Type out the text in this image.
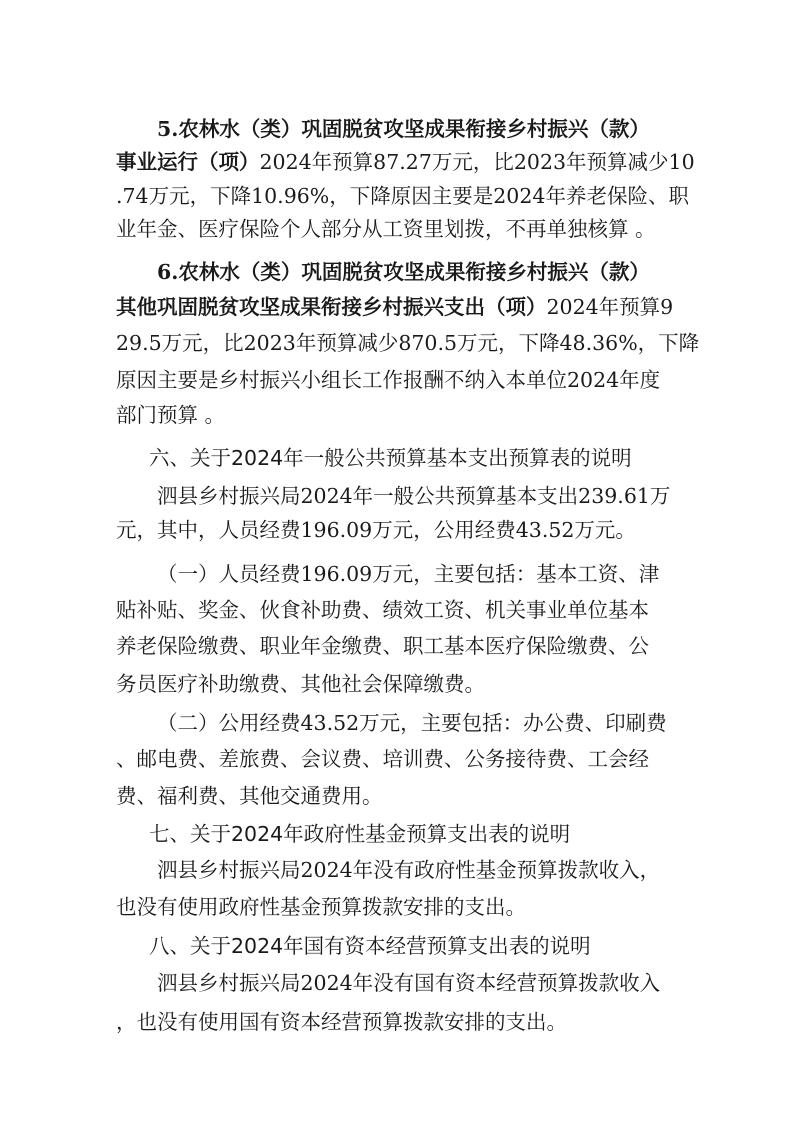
5.农林水（类）巩固脱贫攻坚成果衔接乡村振兴（款）

事业运行（项）2024年预算87.27万元，比2023年预算减少10

.74万元，下降10.96%，下降原因主要是2024年养老保险、职

业年金、医疗保险个人部分从工资里划拨，不再单独核算 。

6.农林水（类）巩固脱贫攻坚成果衔接乡村振兴（款）

其他巩固脱贫攻坚成果衔接乡村振兴支出（项）2024年预算9

29.5万元，比2023年预算减少870.5万元，下降48.36%，下降

原因主要是乡村振兴小组长工作报酬不纳入本单位2024年度

部门预算 。

六、关于2024年一般公共预算基本支出预算表的说明

泗县乡村振兴局2024年一般公共预算基本支出239.61万

元，其中，人员经费196.09万元，公用经费43.52万元。

（一）人员经费196.09万元，主要包括：基本工资、津

贴补贴、奖金、伙食补助费、绩效工资、机关事业单位基本

养老保险缴费、职业年金缴费、职工基本医疗保险缴费、公

务员医疗补助缴费、其他社会保障缴费。

（二）公用经费43.52万元，主要包括：办公费、印刷费

、邮电费、差旅费、会议费、培训费、公务接待费、工会经

费、福利费、其他交通费用。

七、关于2024年政府性基金预算支出表的说明

泗县乡村振兴局2024年没有政府性基金预算拨款收入，

也没有使用政府性基金预算拨款安排的支出。

八、关于2024年国有资本经营预算支出表的说明

泗县乡村振兴局2024年没有国有资本经营预算拨款收入

，也没有使用国有资本经营预算拨款安排的支出。
